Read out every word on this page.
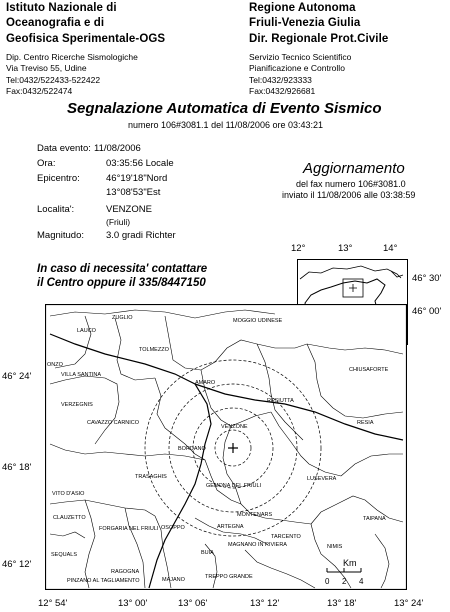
Istituto Nazionale di
Oceanografia e di
Geofisica Sperimentale-OGS
Dip. Centro Ricerche Sismologiche
Via Treviso 55, Udine
Tel:0432/522433-522422
Fax:0432/522474
Regione Autonoma
Friuli-Venezia Giulia
Dir. Regionale Prot.Civile
Servizio Tecnico Scientifico
Pianificazione e Controllo
Tel:0432/923333
Fax:0432/926681
Segnalazione Automatica di Evento Sismico
numero 106#3081.1 del 11/08/2006 ore 03:43:21
Data evento: 11/08/2006
Ora:	03:35:56 Locale
Epicentro:	46°19'18"Nord
13°08'53"Est
Localita':	VENZONE
(Friuli)
Magnitudo: 3.0 gradi Richter
Aggiornamento
del fax numero 106#3081.0
inviato il 11/08/2006 alle 03:38:59
In caso di necessita' contattare
il Centro oppure il 335/8447150
12°	13°	14°
46° 30'
46° 00'
ZUGLIO	MOGGIO UDINESE
LAUCO
TOLMEZZO
ONZO
VILLA SANTINA
CHIUSAFORTE
AMARO
VERZEGNIS
RESIUTTA
RESIA
CAVAZZO CARNICO
VENZONE
BORDANO
TRASAGHIS
GEMONA DEL FRIULI
LUSEVERA
VITO D'ASIO
MONTENARS
CLAUZETTO
FORGARIA NEL FRIULI OSOPPO	ARTEGNA
TAIPANA
TARCENTO
MAGNANO IN RIVIERA	NIMIS
BUIA
RAGOGNA
PINZANO AL TAGLIAMENTO	MAJANO	TREPPO GRANDE
SEQUALS
Km
0 2 4
46° 24'
46° 18'
46° 12'
12° 54'	13° 00'	13° 06'	13° 12'	13° 18'	13° 24'
